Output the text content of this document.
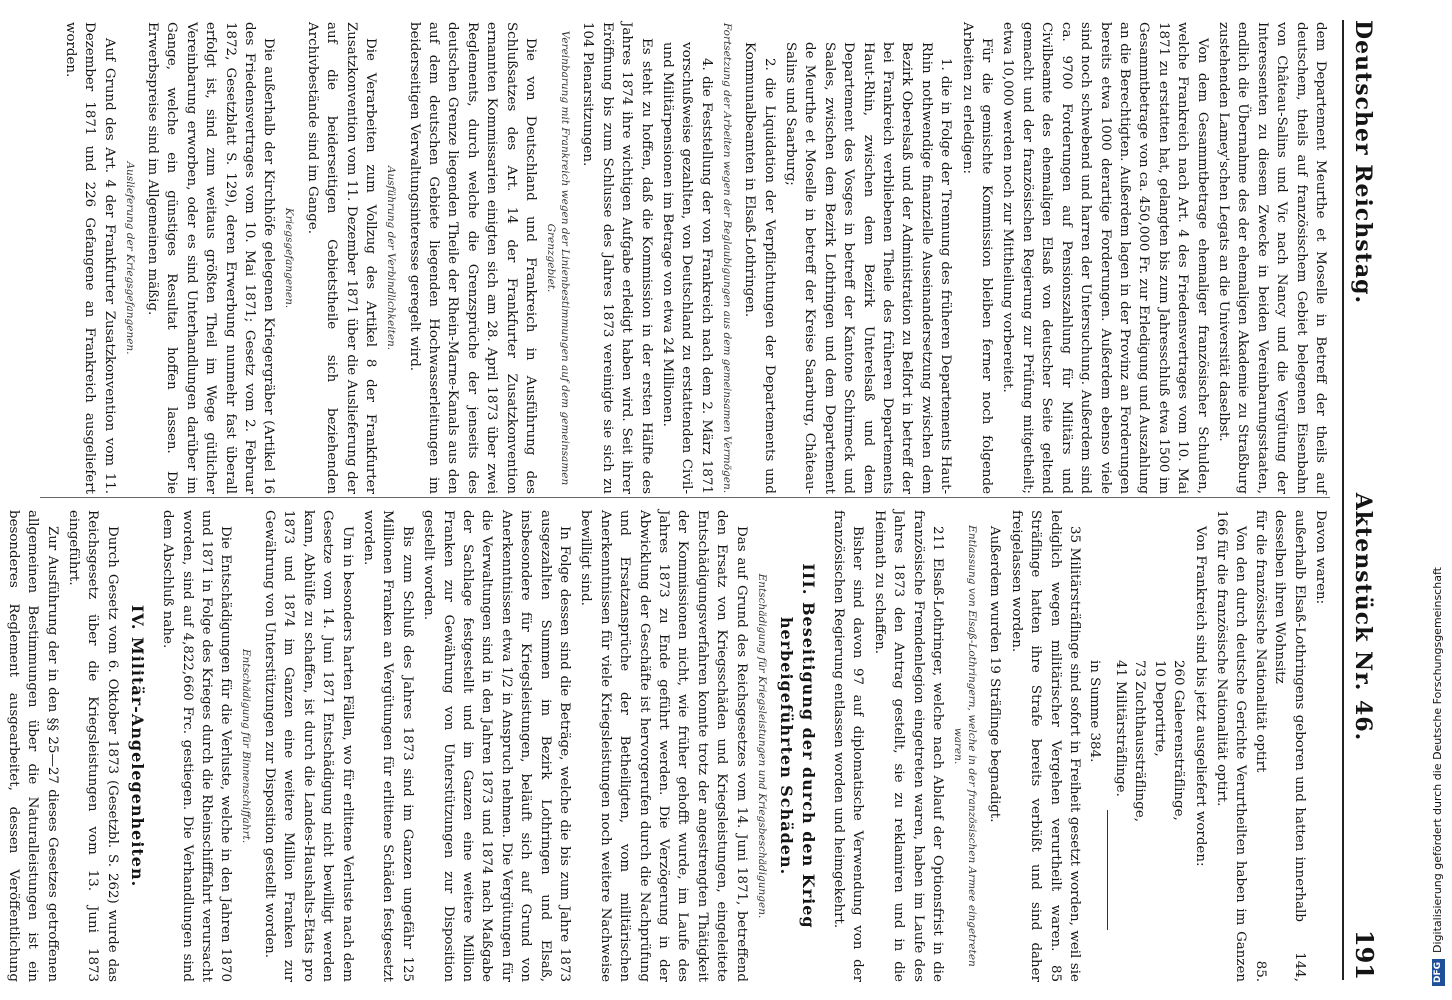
Deutscher Reichstag.
Aktenstück Nr. 46.
191

dem Departement Meurthe et Moselle in Betreff der theils auf deutschem, theils auf französischem Gebiet belegenen Eisenbahn von Château-Salins und Vic nach Nancy und die Vergütung der Interessenten zu diesem Zwecke in beiden Vereinbarungsstaaten, endlich die Übernahme des der ehemaligen Akademie zu Straßburg zustehenden Lamey'schen Legats an die Universität daselbst.

Von dem Gesammtbetrage ehemaliger französischer Schulden, welche Frankreich nach Art. 4 des Friedensvertrages vom 10. Mai 1871 zu erstatten hat, gelangten bis zum Jahresschluß etwa 1500 im Gesammtbetrage von ca. 450,000 Fr. zur Erledigung und Auszahlung an die Berechtigten. Außerdem lagen in der Provinz an Forderungen bereits etwa 1000 derartige Forderungen. Außerdem ebenso viele sind noch schwebend und harren der Untersuchung. Außerdem sind ca. 9700 Forderungen auf Pensionszahlung für Militärs und Civilbeamte des ehemaligen Elsaß von deutscher Seite geltend gemacht und der französischen Regierung zur Prüfung mitgetheilt; etwa 10,000 werden noch zur Mittheilung vorbereitet.

Für die gemischte Kommission bleiben ferner noch folgende Arbeiten zu erledigen:

1. die in Folge der Trennung des früheren Departements Haut-Rhin nothwendige finanzielle Auseinandersetzung zwischen dem Bezirk Oberelsaß und der Administration zu Belfort in betreff der bei Frankreich verbliebenen Theile des früheren Departements Haut-Rhin, zwischen dem Bezirk Unterelsaß und dem Departement des Vosges in betreff der Kantone Schirmeck und Saales, zwischen dem Bezirk Lothringen und dem Departement de Meurthe et Moselle in betreff der Kreise Saarburg, Château-Salins und Saarburg;

2. die Liquidation der Verpflichtungen der Departements und Kommunalbeamten in Elsaß-Lothringen.

Fortsetzung der Arbeiten wegen der Beglaubigungen aus dem gemeinsamen Vermögen.

4. die Feststellung der von Frankreich nach dem 2. März 1871 vorschußweise gezahlten, von Deutschland zu erstattenden Civil- und Militärpensionen im Betrage von etwa 24 Millionen.

Es steht zu hoffen, daß die Kommission in der ersten Hälfte des Jahres 1874 ihre wichtigen Aufgabe erledigt haben wird. Seit ihrer Eröffnung bis zum Schlusse des Jahres 1873 vereinigte sie sich zu 104 Plenarsitzungen.

Vereinbarung mit Frankreich wegen der Linienbestimmungen auf dem gemeinsamen Grenzgebiet.

Die von Deutschland und Frankreich in Ausführung des Schlußsatzes des Art. 14 der Frankfurter Zusatzkonvention ernannten Kommissarien einigten sich am 28. April 1873 über zwei Reglements, durch welche die Grenzsprüche der jenseits des deutschen Grenze liegenden Theile der Rhein-Marne-Kanals aus den auf dem deutschen Gebiete liegenden Hochwasserleitungen im beiderseitigen Verwaltungsinteresse geregelt wird.

Ausführung der Verbindlichkeiten.

Die Verarbeiten zum Vollzug des Artikel 8 der Frankfurter Zusatzkonvention vom 11. Dezember 1871 über die Auslieferung der auf die beiderseitigen Gebietstheile sich beziehenden Archivbestände sind im Gange.

Kriegsgefangenen.

Die außerhalb der Kirchhöfe gelegenen Kriegergräber (Artikel 16 des Friedensvertrages vom 10. Mai 1871; Gesetz vom 2. Februar 1872, Gesetzblatt S. 129), deren Erwerbung nunmehr fast überall erfolgt ist, sind zum weitaus größten Theil im Wege gütlicher Vereinbarung erworben, oder es sind Unterhandlungen darüber im Gange, welche ein günstiges Resultat hoffen lassen. Die Erwerbspreise sind im Allgemeinen mäßig.

Auslieferung der Kriegsgefangenen.

Auf Grund des Art. 4 der Frankfurter Zusatzkonvention vom 11. Dezember 1871 und 226 Gefangene an Frankreich ausgeliefert worden.

Davon waren:

außerhalb Elsaß-Lothringens geboren und hatten innerhalb desselben ihren Wohnsitz
144,
für die französische Nationalität optirt
85.

Von den durch deutsche Gerichte Verurtheilten haben im Ganzen 166 für die französische Nationalität optirt.

Von Frankreich sind bis jetzt ausgeliefert worden:

260 Galeerensträflinge,
10 Deportirte,
73 Zuchthaussträflinge,
41 Militärsträflinge.
in Summe 384.

35 Militärsträflinge sind sofort in Freiheit gesetzt worden, weil sie lediglich wegen militärischer Vergehen verurtheilt waren. 85 Sträflinge hatten ihre Strafe bereits verbüßt und sind daher freigelassen worden.

Außerdem wurden 19 Sträflinge begnadigt.

Entlassung von Elsaß-Lothringern, welche in der französischen Armee eingetreten waren.

211 Elsaß-Lothringer, welche nach Ablauf der Optionsfrist in die französische Fremdenlegion eingetreten waren, haben im Laufe des Jahres 1873 den Antrag gestellt, sie zu reklamiren und in die Heimath zu schaffen.

Bisher sind davon 97 auf diplomatische Verwendung von der französischen Regierung entlassen worden und heimgekehrt.

III. Beseitigung der durch den Krieg herbeigeführten Schäden.
Entschädigung für Kriegsleistungen und Kriegsbeschädigungen.

Das auf Grund des Reichsgesetzes vom 14. Juni 1871, betreffend den Ersatz von Kriegsschäden und Kriegsleistungen, eingeleitete Entschädigungsverfahren konnte trotz der angestrengten Thätigkeit der Kommissionen nicht, wie früher gehofft wurde, im Laufe des Jahres 1873 zu Ende geführt werden. Die Verzögerung in der Abwicklung der Geschäfte ist hervorgerufen durch die Nachprüfung und Ersatzansprüche der Betheiligten, vom militärischen Anerkenntnissen für viele Kriegsleistungen noch weitere Nachweise bewilligt sind.

In Folge dessen sind die Beträge, welche die bis zum Jahre 1873 ausgezahlten Summen im Bezirk Lothringen und Elsaß, insbesondere für Kriegsleistungen, beläuft sich auf Grund von Anerkenntnissen etwa 1/2 in Anspruch nehmen. Die Vergütungen für die Verwaltungen sind in den Jahren 1873 und 1874 nach Maßgabe der Sachlage festgestellt und im Ganzen eine weitere Million Franken zur Gewährung von Unterstützungen zur Disposition gestellt worden.

Bis zum Schluß des Jahres 1873 sind im Ganzen ungefähr 125 Millionen Franken an Vergütungen für erlittene Schäden festgesetzt worden.

Um in besonders harten Fällen, wo für erlittene Verluste nach dem Gesetze vom 14. Juni 1871 Entschädigung nicht bewilligt werden kann, Abhülfe zu schaffen, ist durch die Landes-Haushalts-Etats pro 1873 und 1874 im Ganzen eine weitere Million Franken zur Gewährung von Unterstützungen zur Disposition gestellt worden.

Entschädigung für Binnenschiffahrt.

Die Entschädigungen für die Verluste, welche in den Jahren 1870 und 1871 in Folge des Krieges durch die Rheinschifffahrt verursacht worden, sind auf 4,822,660 Frc. gestiegen. Die Verhandlungen sind dem Abschluß nahe.

IV. Militär-Angelegenheiten.

Durch Gesetz vom 6. Oktober 1873 (Gesetzbl. S. 262) wurde das Reichsgesetz über die Kriegsleistungen vom 13. Juni 1873 eingeführt.

Zur Ausführung der in den §§ 25—27 dieses Gesetzes getroffenen allgemeinen Bestimmungen über die Naturalleistungen ist ein besonderes Reglement ausgearbeitet, dessen Veröffentlichung	DFGDigitalisierung gefördert durch die Deutsche Forschungsgemeinschaft
